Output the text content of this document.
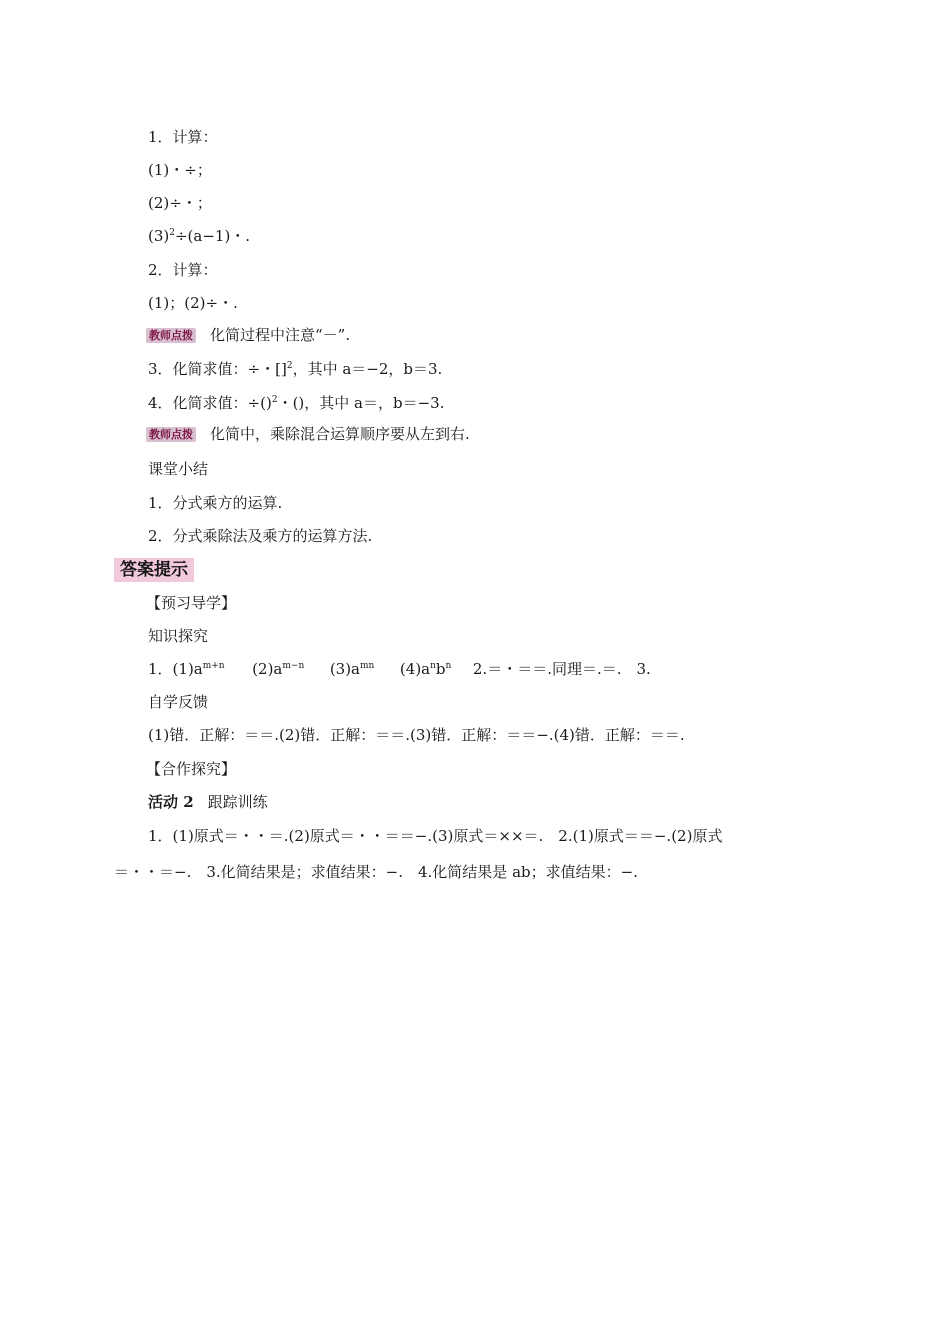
1．计算：
(1)・÷；
(2)÷・；
$(3)^2\div(a-1)$・.
2．计算：
(1)；(2)÷・.
教师点拨 化简过程中注意“－”.
3．化简求值：÷・[]$^2$，其中 a＝−2，b＝3.
4．化简求值：÷()$^2$・()，其中 a＝，b＝−3.
教师点拨 化简中，乘除混合运算顺序要从左到右.
课堂小结
1．分式乘方的运算.
2．分式乘除法及乘方的运算方法.
答案提示
【预习导学】
知识探究
1．$(1)a^{m+n}$ $(2)a^{m-n}$ $(3)a^{mn}$ $(4)a^nb^n$ 2.＝・＝＝.同理＝.＝.　3.
自学反馈
(1)错．正解：＝＝.(2)错．正解：＝＝.(3)错．正解：＝＝−.(4)错．正解：＝＝.
【合作探究】
活动 2 跟踪训练
1．(1)原式＝・・＝.(2)原式＝・・＝＝−.(3)原式＝××＝.　2.(1)原式＝＝−.(2)原式
＝・・＝−.　3.化简结果是；求值结果：−.　4.化简结果是 ab；求值结果：−.
